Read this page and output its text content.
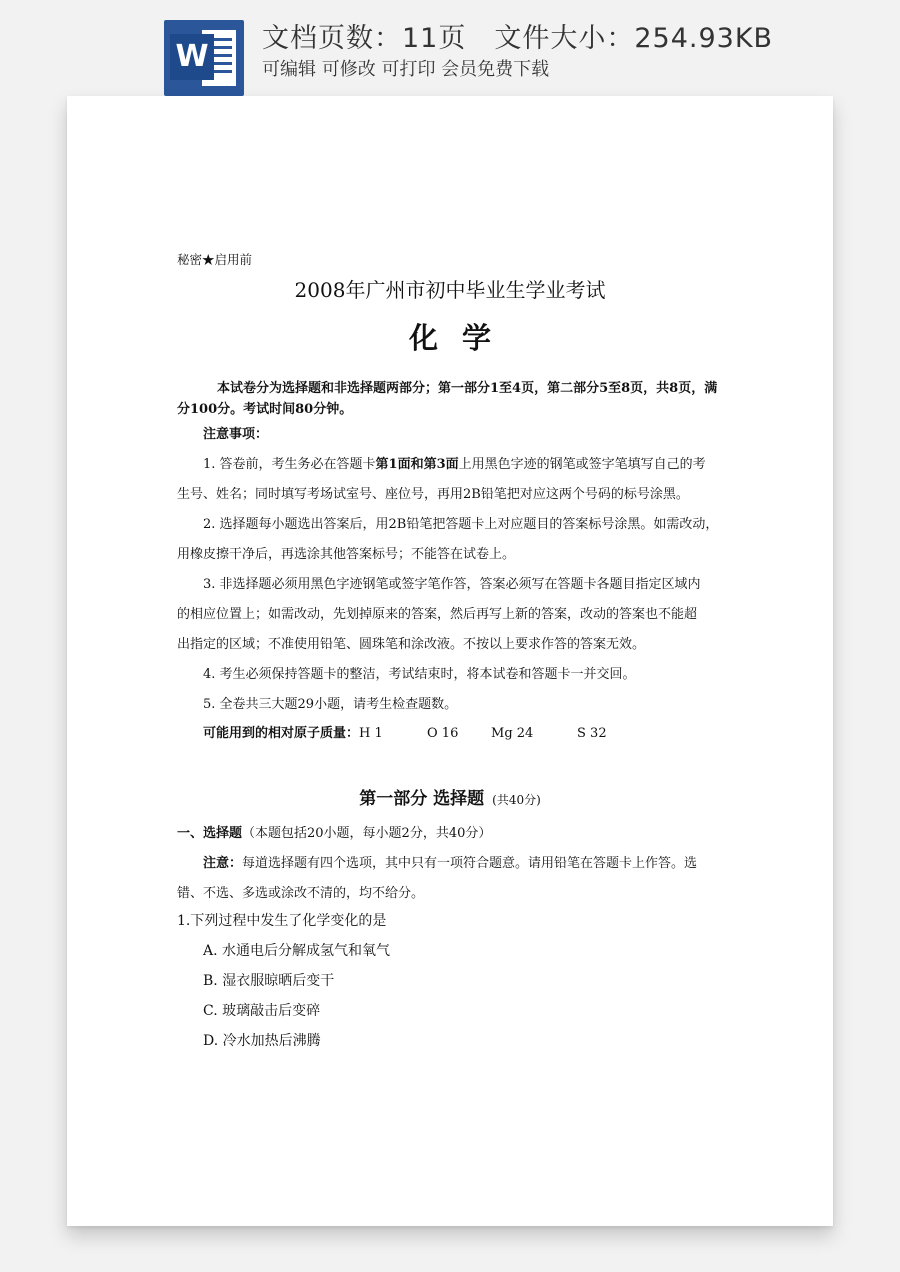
W
文档页数：11页　文件大小：254.93KB
可编辑 可修改 可打印 会员免费下载
秘密★启用前
2008年广州市初中毕业生学业考试
化学
本试卷分为选择题和非选择题两部分；第一部分1至4页，第二部分5至8页，共8页，满
分100分。考试时间80分钟。
注意事项：
1. 答卷前，考生务必在答题卡第1面和第3面上用黑色字迹的钢笔或签字笔填写自己的考
生号、姓名；同时填写考场试室号、座位号，再用2B铅笔把对应这两个号码的标号涂黑。
2. 选择题每小题选出答案后，用2B铅笔把答题卡上对应题目的答案标号涂黑。如需改动，
用橡皮擦干净后，再选涂其他答案标号；不能答在试卷上。
3. 非选择题必须用黑色字迹钢笔或签字笔作答，答案必须写在答题卡各题目指定区域内
的相应位置上；如需改动，先划掉原来的答案，然后再写上新的答案，改动的答案也不能超
出指定的区域；不准使用铅笔、圆珠笔和涂改液。不按以上要求作答的答案无效。
4. 考生必须保持答题卡的整洁，考试结束时，将本试卷和答题卡一并交回。
5. 全卷共三大题29小题，请考生检查题数。
可能用到的相对原子质量：H 1	O 16	Mg 24	S 32
第一部分 选择题 (共40分)
一、选择题（本题包括20小题，每小题2分，共40分）
注意：每道选择题有四个选项，其中只有一项符合题意。请用铅笔在答题卡上作答。选
错、不选、多选或涂改不清的，均不给分。
1.下列过程中发生了化学变化的是
A. 水通电后分解成氢气和氧气
B. 湿衣服晾晒后变干
C. 玻璃敲击后变碎
D. 冷水加热后沸腾
